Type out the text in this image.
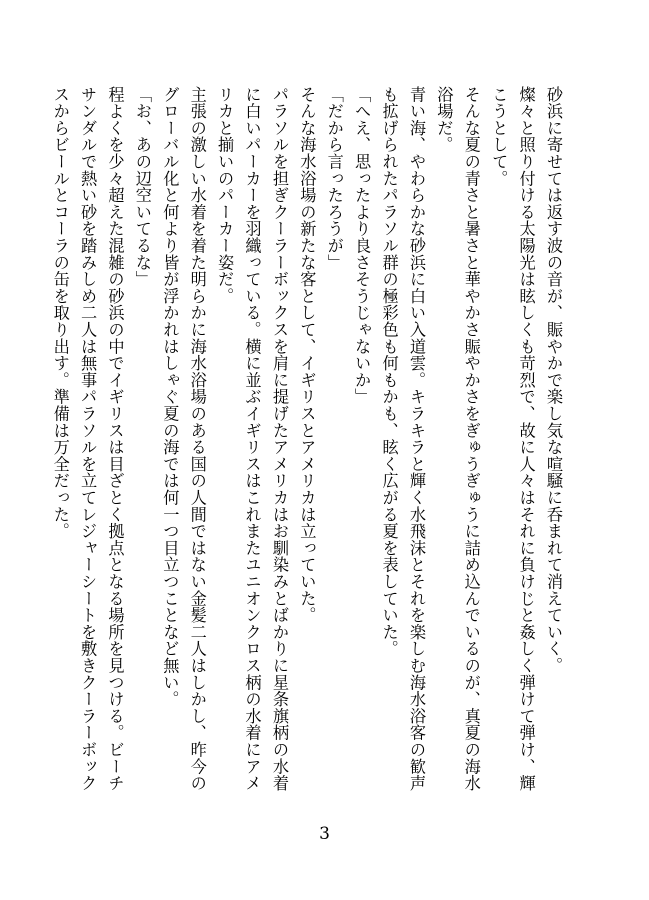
砂浜に寄せては返す波の音が、賑やかで楽し気な喧騒に呑まれて消えていく。

燦々と照り付ける太陽光は眩しくも苛烈で、故に人々はそれに負けじと姦しく弾けて弾け、輝こうとして。

そんな夏の青さと暑さと華やかさ賑やかさをぎゅうぎゅうに詰め込んでいるのが、真夏の海水浴場だ。

青い海、やわらかな砂浜に白い入道雲。キラキラと輝く水飛沫とそれを楽しむ海水浴客の歓声も拡げられたパラソル群の極彩色も何もかも、眩く広がる夏を表していた。

「へえ、思ったより良さそうじゃないか」

「だから言ったろうが」

そんな海水浴場の新たな客として、イギリスとアメリカは立っていた。

パラソルを担ぎクーラーボックスを肩に提げたアメリカはお馴染みとばかりに星条旗柄の水着に白いパーカーを羽織っている。横に並ぶイギリスはこれまたユニオンクロス柄の水着にアメリカと揃いのパーカー姿だ。

主張の激しい水着を着た明らかに海水浴場のある国の人間ではない金髪二人はしかし、昨今のグローバル化と何より皆が浮かれはしゃぐ夏の海では何一つ目立つことなど無い。

「お、あの辺空いてるな」

程よくを少々超えた混雑の砂浜の中でイギリスは目ざとく拠点となる場所を見つける。ビーチサンダルで熱い砂を踏みしめ二人は無事パラソルを立てレジャーシートを敷きクーラーボックスからビールとコーラの缶を取り出す。準備は万全だった。

3
